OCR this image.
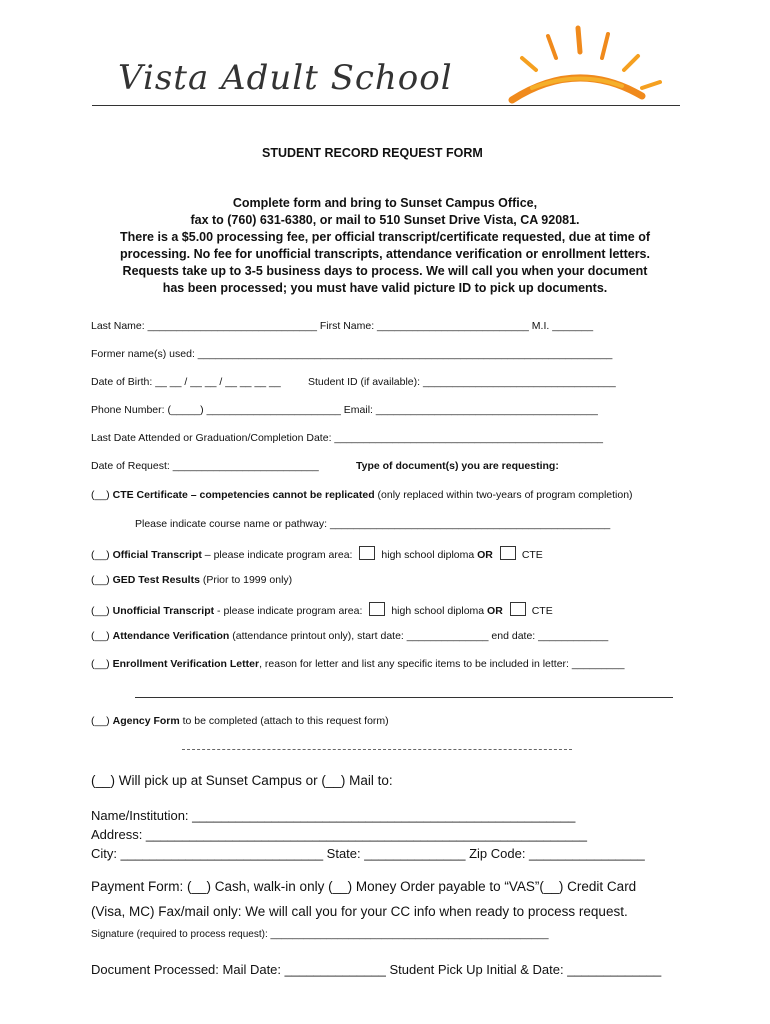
Vista Adult School
STUDENT RECORD REQUEST FORM
Complete form and bring to Sunset Campus Office,
fax to (760) 631-6380, or mail to 510 Sunset Drive Vista, CA 92081.
There is a $5.00 processing fee, per official transcript/certificate requested, due at time of
processing. No fee for unofficial transcripts, attendance verification or enrollment letters.
Requests take up to 3-5 business days to process. We will call you when your document
has been processed; you must have valid picture ID to pick up documents.
Last Name: _____________________________ First Name: __________________________ M.I. _______
Former name(s) used: _______________________________________________________________________
Date of Birth: __ __ / __ __ / __ __ __ __	Student ID (if available): _________________________________
Phone Number: (_____) _______________________ Email: ______________________________________
Last Date Attended or Graduation/Completion Date: ______________________________________________
Date of Request: _________________________	Type of document(s) you are requesting:
(__) CTE Certificate – competencies cannot be replicated (only replaced within two-years of program completion)
Please indicate course name or pathway: ________________________________________________
(__) Official Transcript – please indicate program area:	high school diploma OR	CTE
(__) GED Test Results (Prior to 1999 only)
(__) Unofficial Transcript - please indicate program area:	high school diploma OR	CTE
(__) Attendance Verification (attendance printout only), start date: ______________ end date: ____________
(__) Enrollment Verification Letter, reason for letter and list any specific items to be included in letter: _________
(__) Agency Form to be completed (attach to this request form)
(__) Will pick up at Sunset Campus or (__) Mail to:
Name/Institution: _____________________________________________________
Address: _____________________________________________________________
City: ____________________________ State: ______________ Zip Code: ________________
Payment Form: (__) Cash, walk-in only (__) Money Order payable to “VAS”(__) Credit Card
(Visa, MC) Fax/mail only: We will call you for your CC info when ready to process request.
Signature (required to process request): __________________________________________________
Document Processed: Mail Date: ______________ Student Pick Up Initial & Date: _____________
